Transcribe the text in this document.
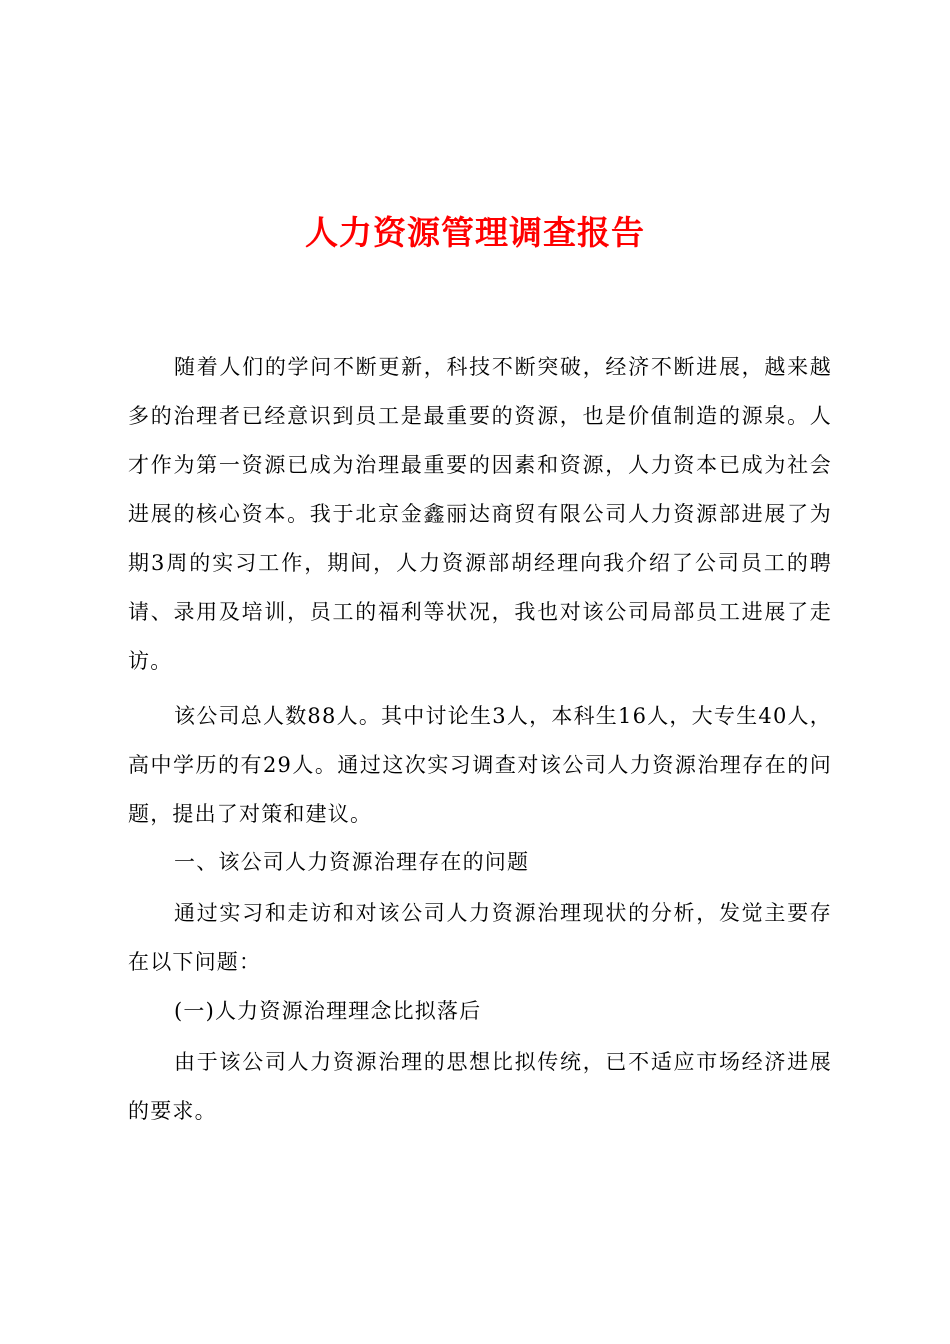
人力资源管理调查报告

随着人们的学问不断更新，科技不断突破，经济不断进展，越来越多的治理者已经意识到员工是最重要的资源，也是价值制造的源泉。人才作为第一资源已成为治理最重要的因素和资源，人力资本已成为社会进展的核心资本。我于北京金鑫丽达商贸有限公司人力资源部进展了为期3周的实习工作，期间，人力资源部胡经理向我介绍了公司员工的聘请、录用及培训，员工的福利等状况，我也对该公司局部员工进展了走访。

该公司总人数88人。其中讨论生3人，本科生16人，大专生40人，高中学历的有29人。通过这次实习调查对该公司人力资源治理存在的问题，提出了对策和建议。

一、该公司人力资源治理存在的问题

通过实习和走访和对该公司人力资源治理现状的分析，发觉主要存在以下问题：

(一)人力资源治理理念比拟落后

由于该公司人力资源治理的思想比拟传统，已不适应市场经济进展的要求。
